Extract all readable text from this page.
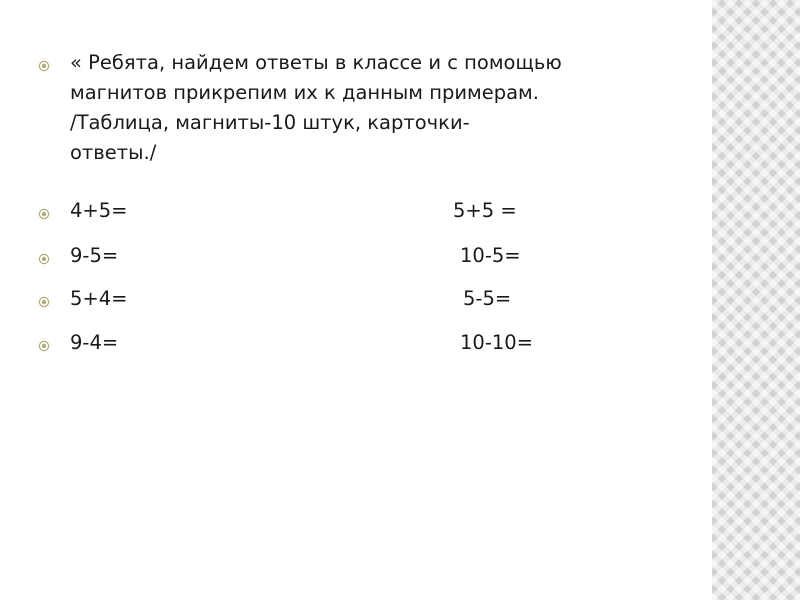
« Ребята, найдем ответы в классе и с помощью
магнитов прикрепим их к данным примерам.
/Таблица, магниты-10 штук, карточки-
ответы./
4+5=	5+5 =
9-5=	10-5=
5+4=	5-5=
9-4=	10-10=
